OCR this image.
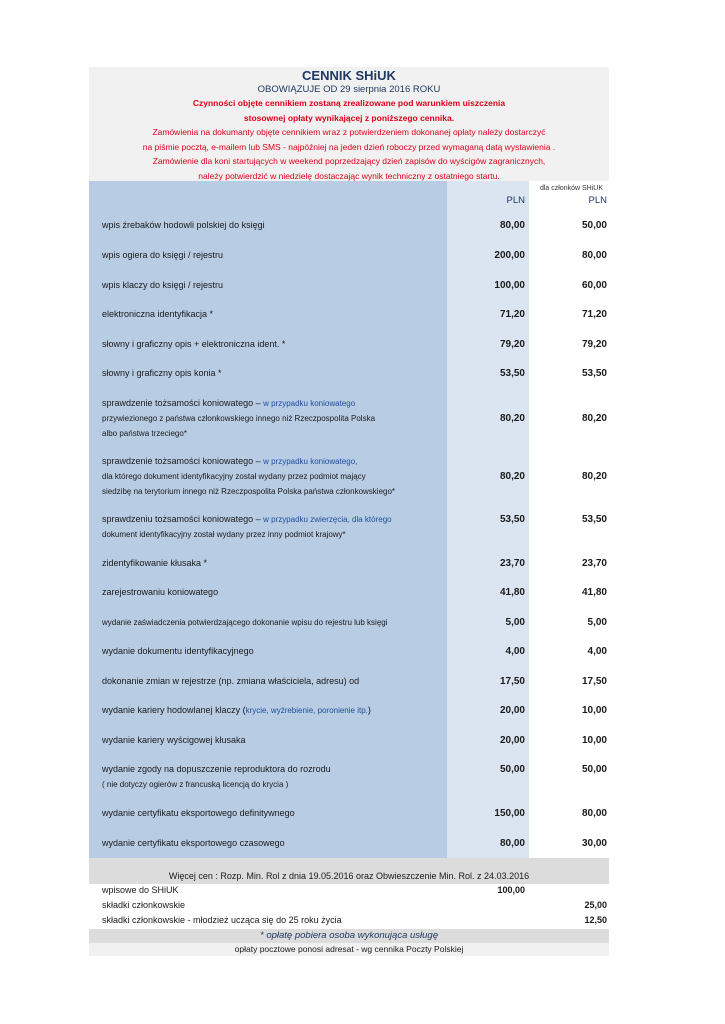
CENNIK SHiUK
OBOWIĄZUJE OD 29 sierpnia 2016 ROKU
Czynności objęte cennikiem zostaną zrealizowane pod warunkiem uiszczenia
stosownej opłaty wynikającej z poniższego cennika.
Zamówienia na dokumanty objęte cennikiem wraz z potwierdzeniem dokonanej opłaty należy dostarczyć
na piśmie pocztą, e-mailem lub SMS - najpóźniej na jeden dzień roboczy przed wymaganą datą wystawienia .
Zamówienie dla koni startujących w weekend poprzedzający dzień zapisów do wyścigów zagranicznych,
należy potwierdzić w niedzielę dostaczając wynik techniczny z ostatniego startu.
dla członków SHiUK
PLN	PLN
wpis źrebaków hodowli polskiej do księgi	80,00	50,00
wpis ogiera do księgi / rejestru	200,00	80,00
wpis klaczy do księgi / rejestru	100,00	60,00
elektroniczna identyfikacja *	71,20	71,20
słowny i graficzny opis + elektroniczna ident. *	79,20	79,20
słowny i graficzny opis konia *	53,50	53,50
sprawdzenie tożsamości koniowatego – w przypadku koniowatego
przywiezionego z państwa członkowskiego innego niż Rzeczpospolita Polska
albo państwa trzeciego*
80,20	80,20
sprawdzenie tożsamości koniowatego – w przypadku koniowatego,
dla którego dokument identyfikacyjny został wydany przez podmiot mający
siedzibę na terytorium innego niż Rzeczpospolita Polska państwa członkowskiego*
80,20	80,20
sprawdzeniu tożsamości koniowatego – w przypadku zwierzęcia, dla którego
dokument identyfikacyjny został wydany przez inny podmiot krajowy*
53,50	53,50
zidentyfikowanie kłusaka *	23,70	23,70
zarejestrowaniu koniowatego	41,80	41,80
wydanie zaświadczenia potwierdzającego dokonanie wpisu do rejestru lub księgi	5,00	5,00
wydanie dokumentu identyfikacyjnego	4,00	4,00
dokonanie zmian w rejestrze (np. zmiana właściciela, adresu) od	17,50	17,50
wydanie kariery hodowlanej klaczy (krycie, wyźrebienie, poronienie itp.)	20,00	10,00
wydanie kariery wyścigowej kłusaka	20,00	10,00
wydanie zgody na dopuszczenie reproduktora do rozrodu
( nie dotyczy ogierów z francuską licencją do krycia )
50,00	50,00
wydanie certyfikatu eksportowego definitywnego	150,00	80,00
wydanie certyfikatu eksportowego czasowego	80,00	30,00
Więcej cen : Rozp. Min. Rol z dnia 19.05.2016 oraz Obwieszczenie Min. Rol. z 24.03.2016
wpisowe do SHiUK	100,00
składki członkowskie	25,00
składki członkowskie - młodzież ucząca się do 25 roku życia	12,50
* opłatę pobiera osoba wykonująca usługę
opłaty pocztowe ponosi adresat - wg cennika Poczty Polskiej
